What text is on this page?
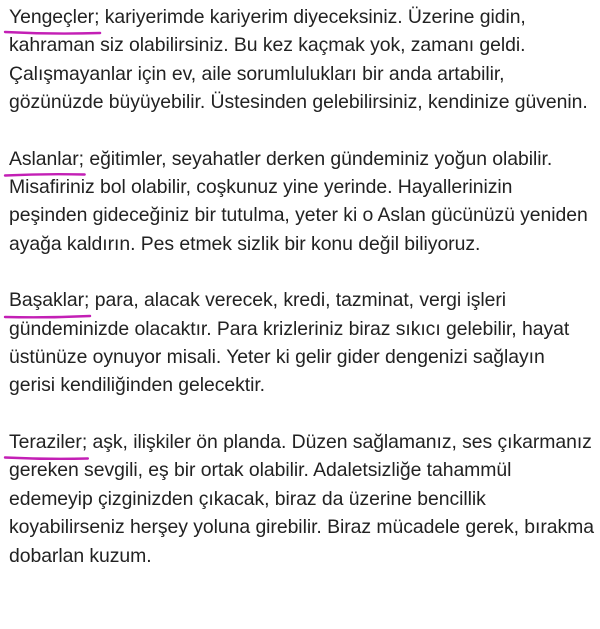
Yengeçler
; kariyerimde kariyerim diyeceksiniz. Üzerine gidin, kahraman siz olabilirsiniz. Bu kez kaçmak yok, zamanı geldi. Çalışmayanlar için ev, aile sorumlulukları bir anda artabilir, gözünüzde büyüyebilir. Üstesinden gelebilirsiniz, kendinize güvenin.

Aslanlar
; eğitimler, seyahatler derken gündeminiz yoğun olabilir. Misafiriniz bol olabilir, coşkunuz yine yerinde. Hayallerinizin peşinden gideceğiniz bir tutulma, yeter ki o Aslan gücünüzü yeniden ayağa kaldırın. Pes etmek sizlik bir konu değil biliyoruz.

Başaklar
; para, alacak verecek, kredi, tazminat, vergi işleri gündeminizde olacaktır. Para krizleriniz biraz sıkıcı gelebilir, hayat üstünüze oynuyor misali. Yeter ki gelir gider dengenizi sağlayın gerisi kendiliğinden gelecektir.

Teraziler
; aşk, ilişkiler ön planda. Düzen sağlamanız, ses çıkarmanız gereken sevgili, eş bir ortak olabilir. Adaletsizliğe tahammül edemeyip çizginizden çıkacak, biraz da üzerine bencillik koyabilirseniz herşey yoluna girebilir. Biraz mücadele gerek, bırakma dobarlan kuzum.
